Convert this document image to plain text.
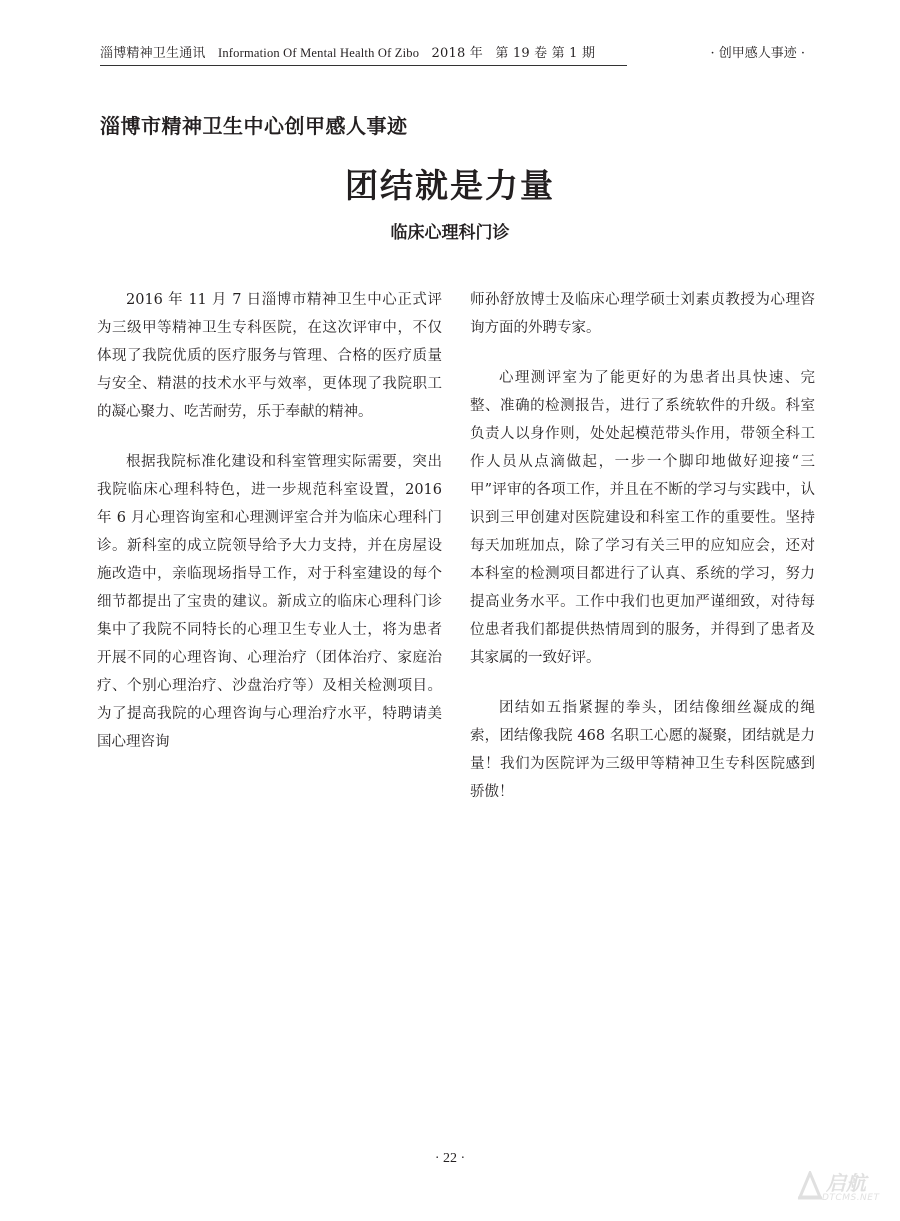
淄博精神卫生通讯 Information Of Mental Health Of Zibo 2018 年 第 19 卷 第 1 期	· 创甲感人事迹 ·
淄博市精神卫生中心创甲感人事迹
团结就是力量
临床心理科门诊

2016 年 11 月 7 日淄博市精神卫生中心正式评为三级甲等精神卫生专科医院，在这次评审中，不仅体现了我院优质的医疗服务与管理、合格的医疗质量与安全、精湛的技术水平与效率，更体现了我院职工的凝心聚力、吃苦耐劳，乐于奉献的精神。

根据我院标准化建设和科室管理实际需要，突出我院临床心理科特色，进一步规范科室设置，2016 年 6 月心理咨询室和心理测评室合并为临床心理科门诊。新科室的成立院领导给予大力支持，并在房屋设施改造中，亲临现场指导工作，对于科室建设的每个细节都提出了宝贵的建议。新成立的临床心理科门诊集中了我院不同特长的心理卫生专业人士，将为患者开展不同的心理咨询、心理治疗（团体治疗、家庭治疗、个别心理治疗、沙盘治疗等）及相关检测项目。为了提高我院的心理咨询与心理治疗水平，特聘请美国心理咨询

师孙舒放博士及临床心理学硕士刘素贞教授为心理咨询方面的外聘专家。

心理测评室为了能更好的为患者出具快速、完整、准确的检测报告，进行了系统软件的升级。科室负责人以身作则，处处起模范带头作用，带领全科工作人员从点滴做起，一步一个脚印地做好迎接“三甲”评审的各项工作，并且在不断的学习与实践中，认识到三甲创建对医院建设和科室工作的重要性。坚持每天加班加点，除了学习有关三甲的应知应会，还对本科室的检测项目都进行了认真、系统的学习，努力提高业务水平。工作中我们也更加严谨细致，对待每位患者我们都提供热情周到的服务，并得到了患者及其家属的一致好评。

团结如五指紧握的拳头，团结像细丝凝成的绳索，团结像我院 468 名职工心愿的凝聚，团结就是力量！我们为医院评为三级甲等精神卫生专科医院感到骄傲！

· 22 ·
启航
DTCMS.NET
